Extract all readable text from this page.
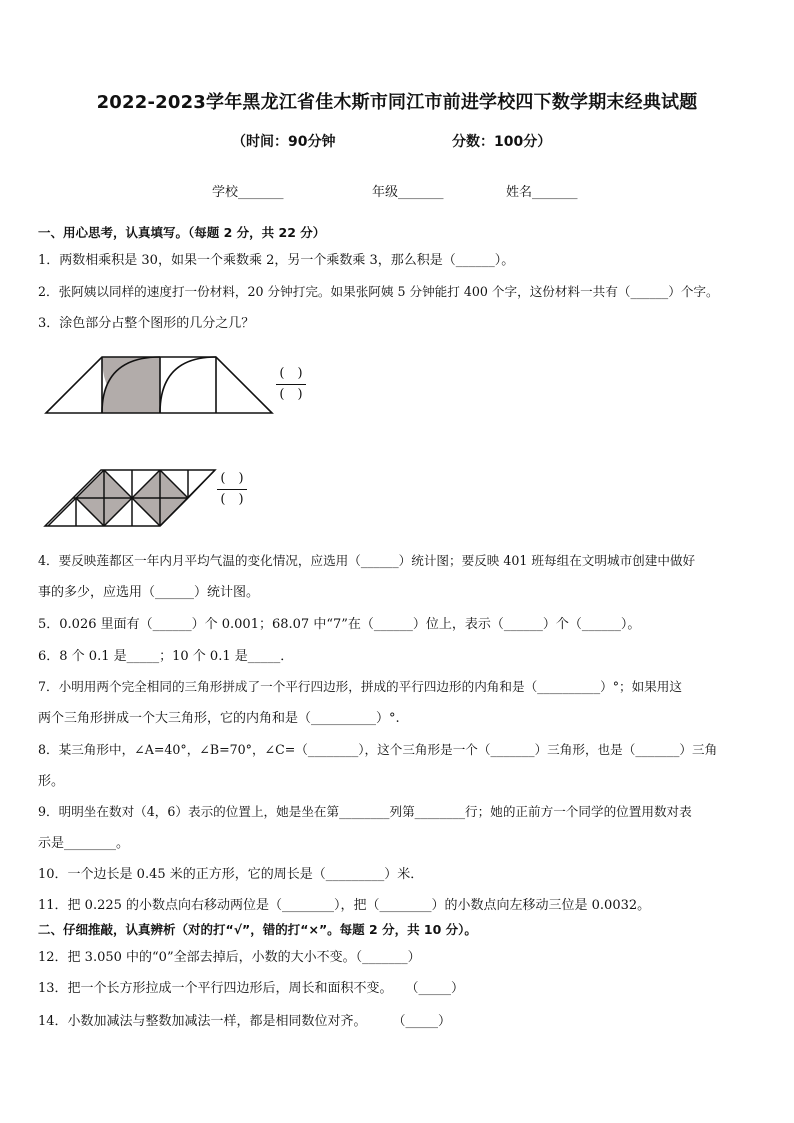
2022-2023学年黑龙江省佳木斯市同江市前进学校四下数学期末经典试题
（时间：90分钟	分数：100分）
学校_______	年级_______	姓名_______
一、用心思考，认真填写。（每题 2 分，共 22 分）
1．两数相乘积是 30，如果一个乘数乘 2，另一个乘数乘 3，那么积是（______）。
2．张阿姨以同样的速度打一份材料，20 分钟打完。如果张阿姨 5 分钟能打 400 个字，这份材料一共有（______）个字。
3．涂色部分占整个图形的几分之几？
(　)
(　)
(　)
(　)
4．要反映莲都区一年内月平均气温的变化情况，应选用（______）统计图；要反映 401 班每组在文明城市创建中做好
事的多少，应选用（______）统计图。
5．0.026 里面有（______）个 0.001；68.07 中“7”在（______）位上，表示（______）个（______）。
6．8 个 0.1 是_____；10 个 0.1 是_____．
7．小明用两个完全相同的三角形拼成了一个平行四边形，拼成的平行四边形的内角和是（__________）°；如果用这
两个三角形拼成一个大三角形，它的内角和是（__________）°.
8．某三角形中，∠A=40°，∠B=70°，∠C=（________），这个三角形是一个（_______）三角形，也是（_______）三角
形。
9．明明坐在数对（4，6）表示的位置上，她是坐在第________列第________行；她的正前方一个同学的位置用数对表
示是________。
10．一个边长是 0.45 米的正方形，它的周长是（_________）米．
11．把 0.225 的小数点向右移动两位是（________），把（________）的小数点向左移动三位是 0.0032。
二、仔细推敲，认真辨析（对的打“√”，错的打“×”。每题 2 分，共 10 分）。
12．把 3.050 中的“0”全部去掉后，小数的大小不变。（_______）
13．把一个长方形拉成一个平行四边形后，周长和面积不变。　　（_____）
14．小数加减法与整数加减法一样，都是相同数位对齐。　　　（_____）
